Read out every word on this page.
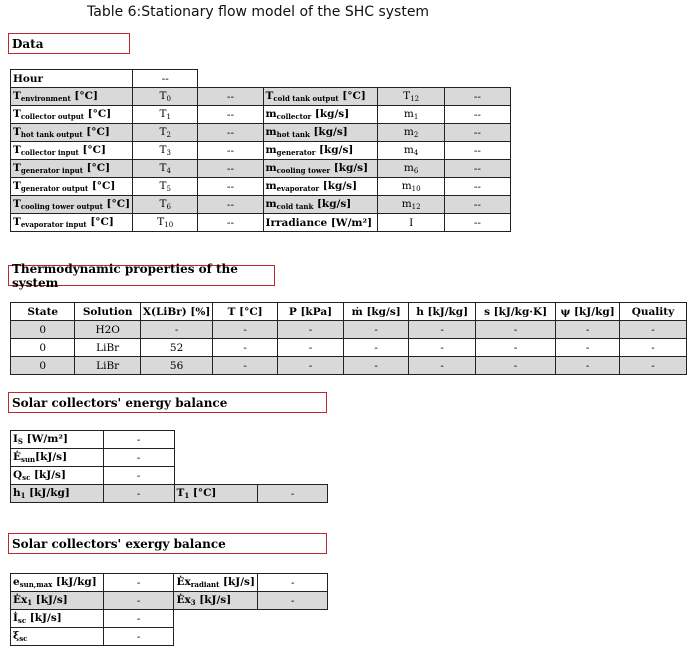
Table 6:Stationary flow model of the SHC system
Data
Hour	--				
$T_{environment}$ [°C]	$T_0$	--	$T_{cold tank output}$ [°C]	$T_{12}$	--
$T_{collector output}$ [°C]	$T_1$	--	$m_{collector}$ [kg/s]	$m_1$	--
$T_{hot tank output}$ [°C]	$T_2$	--	$m_{hot tank}$ [kg/s]	$m_2$	--
$T_{collector input}$ [°C]	$T_3$	--	$m_{generator}$ [kg/s]	$m_4$	--
$T_{generator input}$ [°C]	$T_4$	--	$m_{cooling tower}$ [kg/s]	$m_6$	--
$T_{generator output}$ [°C]	$T_5$	--	$m_{evaporator}$ [kg/s]	$m_{10}$	--
$T_{cooling tower output}$ [°C]	$T_6$	--	$m_{cold tank}$ [kg/s]	$m_{12}$	--
$T_{evaporator input}$ [°C]	$T_{10}$	--	Irradiance [W/m²]	I	--
Thermodynamic properties of the system
State	Solution	X(LiBr) [%]	T [°C]	P [kPa]	ṁ [kg/s]	h [kJ/kg]	s [kJ/kg·K]	ψ [kJ/kg]	Quality
0	H2O	-	-	-	-	-	-	-	-
0	LiBr	52	-	-	-	-	-	-	-
0	LiBr	56	-	-	-	-	-	-	-
Solar collectors' energy balance
$I_S$ [W/m²]	-		
$Ė_{sun}[kJ/s]$	-		
$Q_{sc}$ [kJ/s]	-		
$h_1$ [kJ/kg]	-	$T_1$ [°C]	-
Solar collectors' exergy balance
$e_{sun,max}$ [kJ/kg]	-	$Ėx_{radiant}$ [kJ/s]	-
$Ėx_1$ [kJ/s]	-	$Ėx_3$ [kJ/s]	-
$İ_{sc}$ [kJ/s]	-		
$\xi_{sc}$	-		
